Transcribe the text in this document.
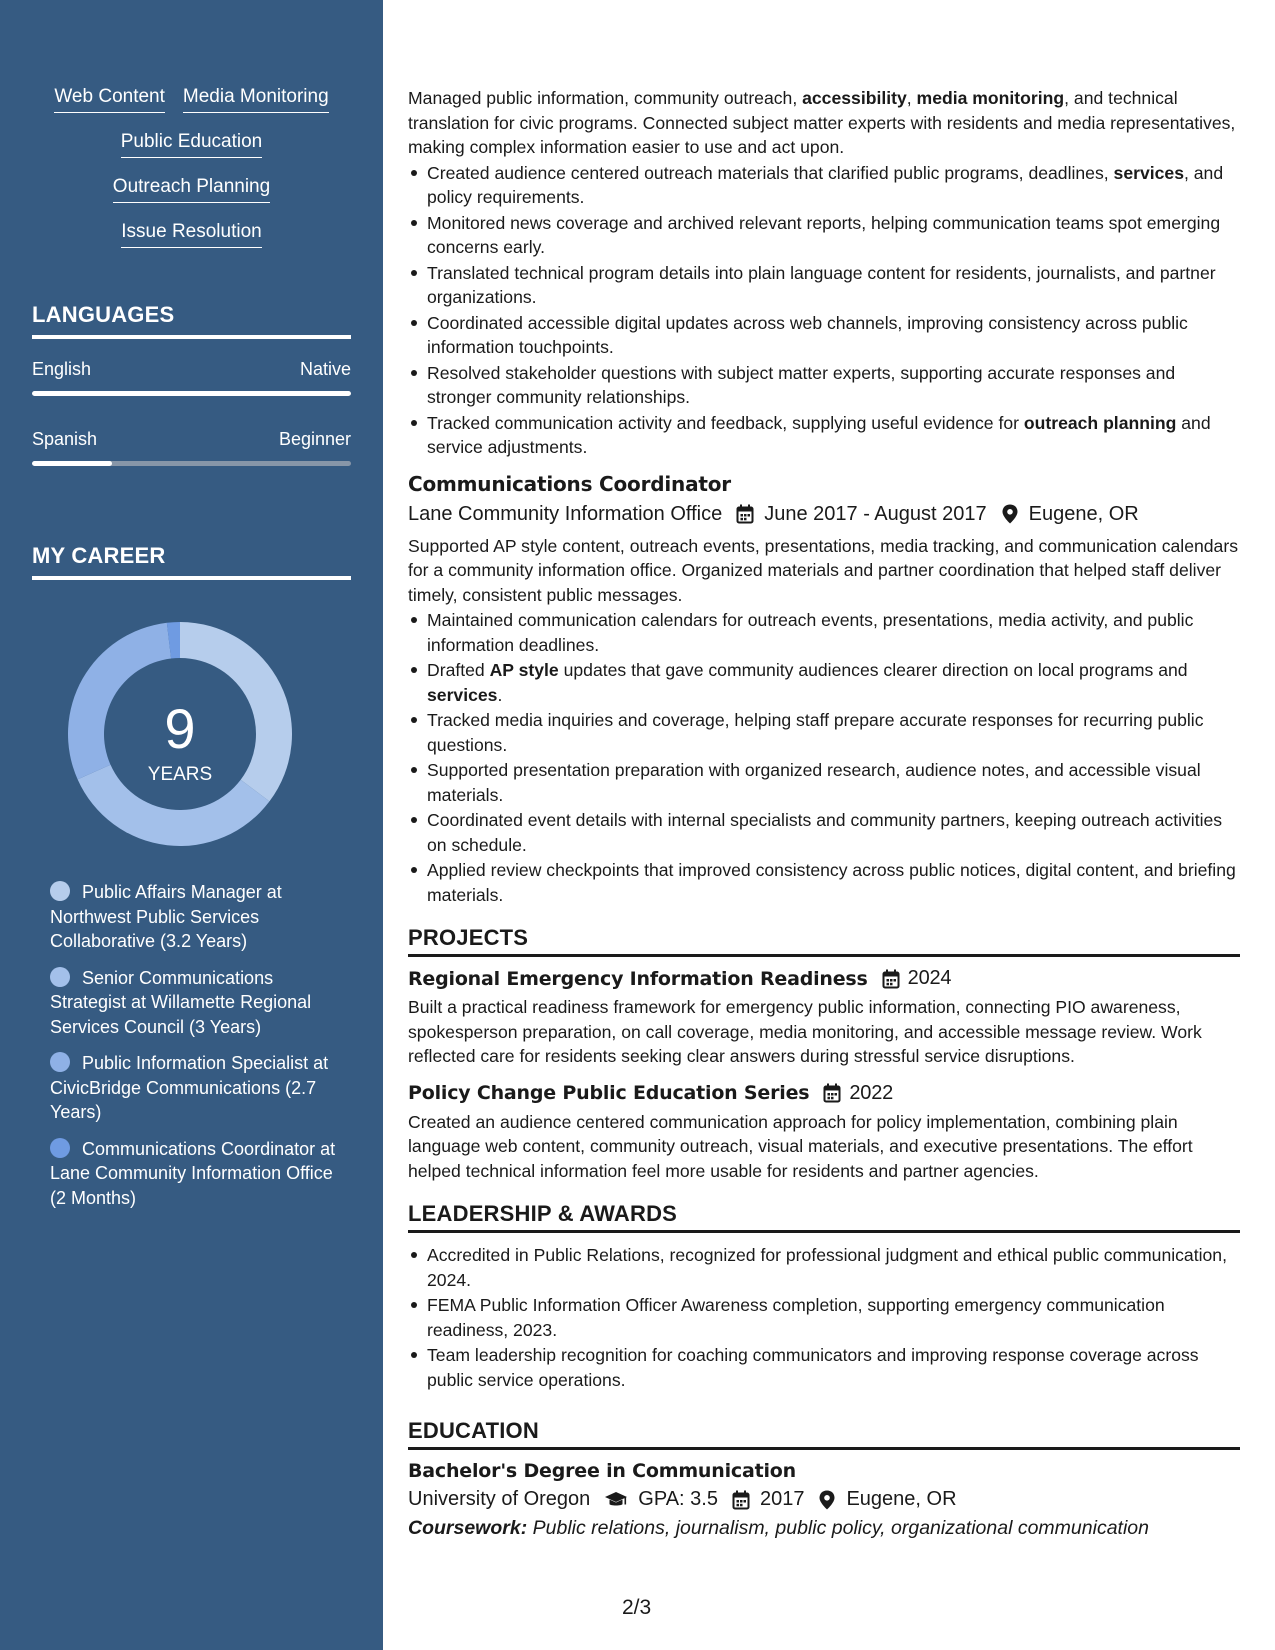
Web Content Media Monitoring
Public Education
Outreach Planning
Issue Resolution
LANGUAGES
English	Native
Spanish	Beginner
MY CAREER
9
YEARS
Public Affairs Manager at Northwest Public Services Collaborative (3.2 Years)
Senior Communications Strategist at Willamette Regional Services Council (3 Years)
Public Information Specialist at CivicBridge Communications (2.7 Years)
Communications Coordinator at Lane Community Information Office (2 Months)

Managed public information, community outreach, accessibility, media monitoring, and technical translation for civic programs. Connected subject matter experts with residents and media representatives, making complex information easier to use and act upon.

Created audience centered outreach materials that clarified public programs, deadlines, services, and policy requirements.
Monitored news coverage and archived relevant reports, helping communication teams spot emerging concerns early.
Translated technical program details into plain language content for residents, journalists, and partner organizations.
Coordinated accessible digital updates across web channels, improving consistency across public information touchpoints.
Resolved stakeholder questions with subject matter experts, supporting accurate responses and stronger community relationships.
Tracked communication activity and feedback, supplying useful evidence for outreach planning and service adjustments.
Communications Coordinator
Lane Community Information Office June 2017 - August 2017 Eugene, OR

Supported AP style content, outreach events, presentations, media tracking, and communication calendars for a community information office. Organized materials and partner coordination that helped staff deliver timely, consistent public messages.

Maintained communication calendars for outreach events, presentations, media activity, and public information deadlines.
Drafted AP style updates that gave community audiences clearer direction on local programs and services.
Tracked media inquiries and coverage, helping staff prepare accurate responses for recurring public questions.
Supported presentation preparation with organized research, audience notes, and accessible visual materials.
Coordinated event details with internal specialists and community partners, keeping outreach activities on schedule.
Applied review checkpoints that improved consistency across public notices, digital content, and briefing materials.
PROJECTS
Regional Emergency Information Readiness 2024

Built a practical readiness framework for emergency public information, connecting PIO awareness, spokesperson preparation, on call coverage, media monitoring, and accessible message review. Work reflected care for residents seeking clear answers during stressful service disruptions.

Policy Change Public Education Series 2022

Created an audience centered communication approach for policy implementation, combining plain language web content, community outreach, visual materials, and executive presentations. The effort helped technical information feel more usable for residents and partner agencies.

LEADERSHIP & AWARDS
Accredited in Public Relations, recognized for professional judgment and ethical public communication, 2024.
FEMA Public Information Officer Awareness completion, supporting emergency communication readiness, 2023.
Team leadership recognition for coaching communicators and improving response coverage across public service operations.
EDUCATION
Bachelor's Degree in Communication
University of Oregon GPA: 3.5 2017 Eugene, OR
Coursework: Public relations, journalism, public policy, organizational communication
2/3
